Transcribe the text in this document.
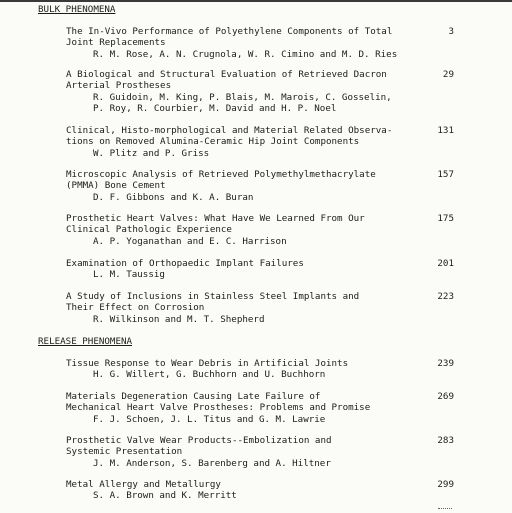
BULK PHENOMENA
The In-Vivo Performance of Polyethylene Components of Total
Joint Replacements
R. M. Rose, A. N. Crugnola, W. R. Cimino and M. D. Ries
3
A Biological and Structural Evaluation of Retrieved Dacron
Arterial Prostheses
R. Guidoin, M. King, P. Blais, M. Marois, C. Gosselin,
P. Roy, R. Courbier, M. David and H. P. Noel
29
Clinical, Histo-morphological and Material Related Observa-
tions on Removed Alumina-Ceramic Hip Joint Components
W. Plitz and P. Griss
131
Microscopic Analysis of Retrieved Polymethylmethacrylate
(PMMA) Bone Cement
D. F. Gibbons and K. A. Buran
157
Prosthetic Heart Valves: What Have We Learned From Our
Clinical Pathologic Experience
A. P. Yoganathan and E. C. Harrison
175
Examination of Orthopaedic Implant Failures
L. M. Taussig
201
A Study of Inclusions in Stainless Steel Implants and
Their Effect on Corrosion
R. Wilkinson and M. T. Shepherd
223
RELEASE PHENOMENA
Tissue Response to Wear Debris in Artificial Joints
H. G. Willert, G. Buchhorn and U. Buchhorn
239
Materials Degeneration Causing Late Failure of
Mechanical Heart Valve Prostheses: Problems and Promise
F. J. Schoen, J. L. Titus and G. M. Lawrie
269
Prosthetic Valve Wear Products--Embolization and
Systemic Presentation
J. M. Anderson, S. Barenberg and A. Hiltner
283
Metal Allergy and Metallurgy
S. A. Brown and K. Merritt
299
